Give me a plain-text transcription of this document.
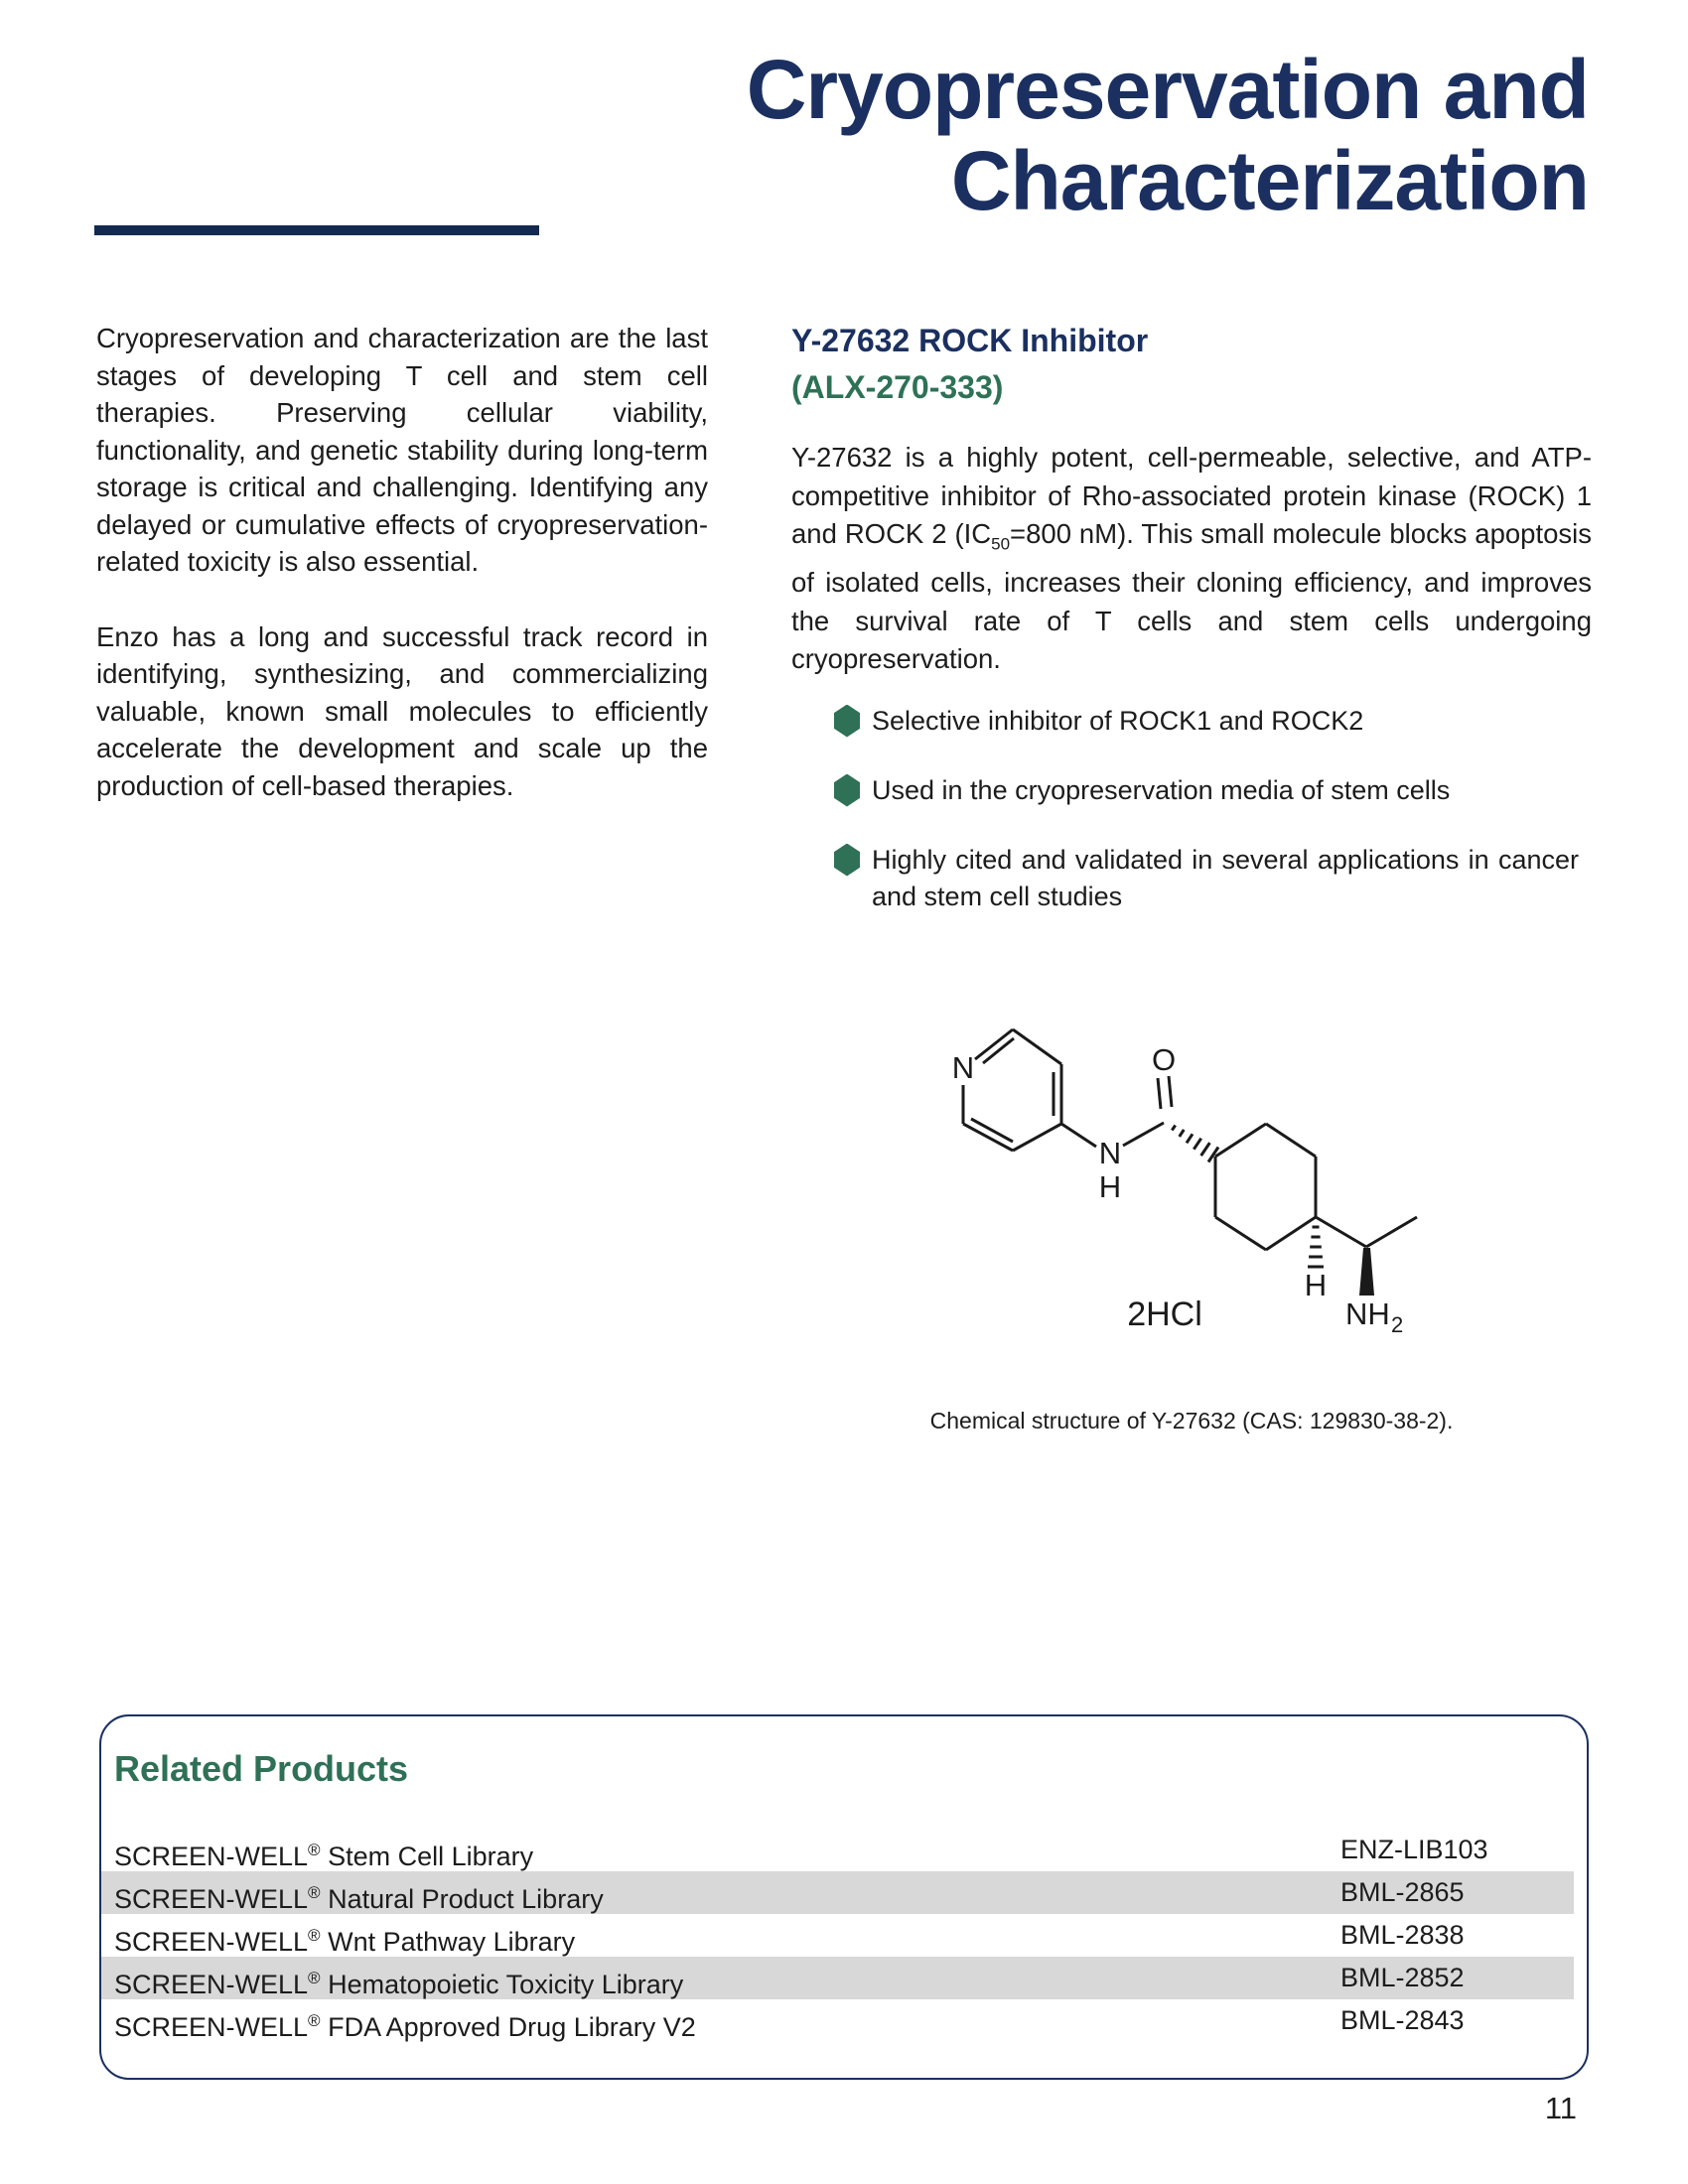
Cryopreservation and
Characterization

Cryopreservation and characterization are the last stages of developing T cell and stem cell therapies. Preserving cellular viability, functionality, and genetic stability during long-term storage is critical and challenging. Identifying any delayed or cumulative effects of cryopreservation-related toxicity is also essential.

Enzo has a long and successful track record in identifying, synthesizing, and commercializing valuable, known small molecules to efficiently accelerate the development and scale up the production of cell-based therapies.

Y-27632 ROCK Inhibitor
(ALX-270-333)
Y-27632 is a highly potent, cell-permeable, selective, and ATP-competitive inhibitor of Rho-associated protein kinase (ROCK) 1 and ROCK 2 ($IC_{50}=800$ nM). This small molecule blocks apoptosis of isolated cells, increases their cloning efficiency, and improves the survival rate of T cells and stem cells undergoing cryopreservation.
Selective inhibitor of ROCK1 and ROCK2
Used in the cryopreservation media of stem cells
Highly cited and validated in several applications in cancer and stem cell studies
N	O
N
H
H
NH 2
2HCl
Chemical structure of Y-27632 (CAS: 129830-38-2).
Related Products
SCREEN-WELL® Stem Cell Library	ENZ-LIB103
SCREEN-WELL® Natural Product Library	BML-2865
SCREEN-WELL® Wnt Pathway Library	BML-2838
SCREEN-WELL® Hematopoietic Toxicity Library	BML-2852
SCREEN-WELL® FDA Approved Drug Library V2	BML-2843
11
